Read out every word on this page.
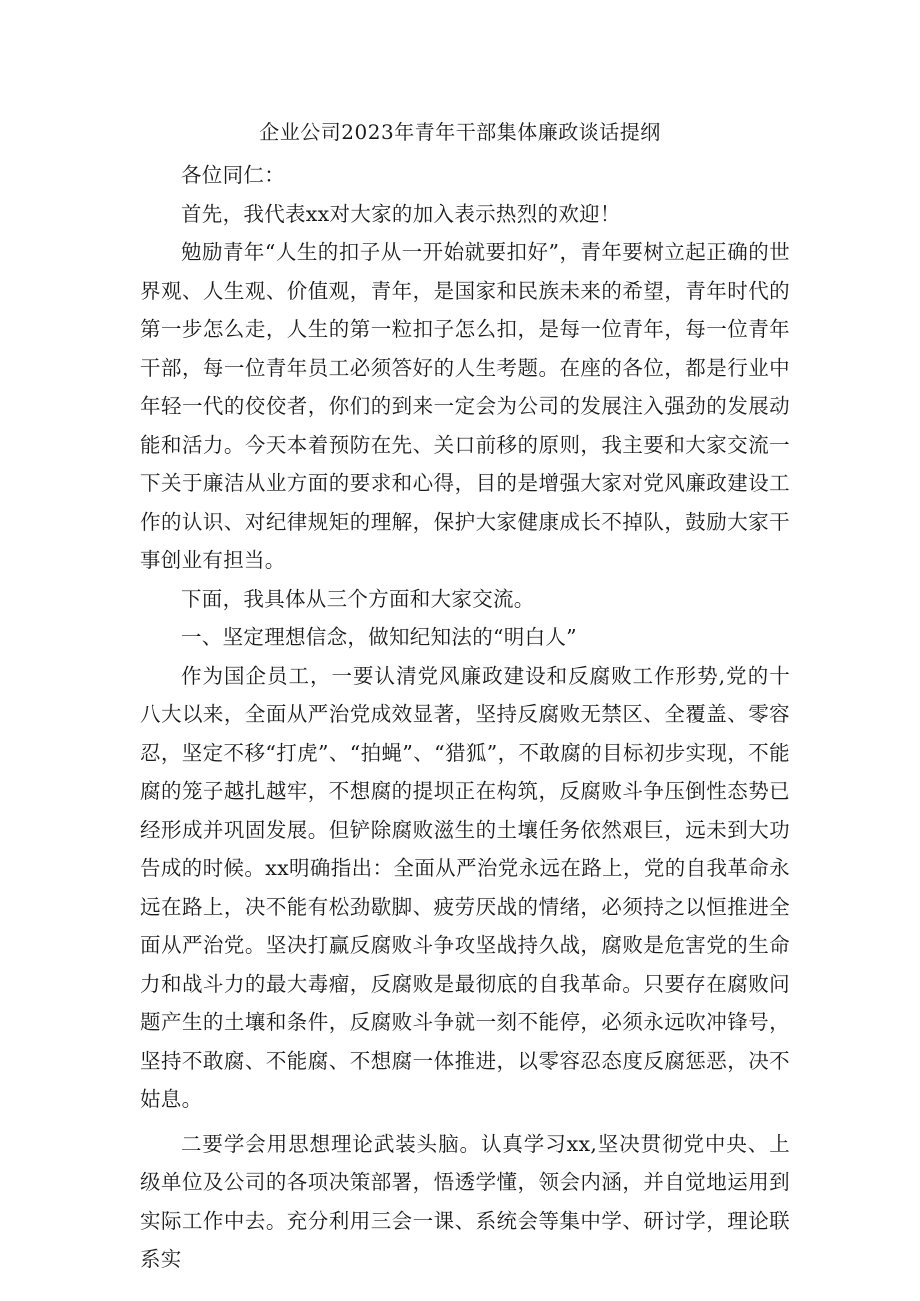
企业公司2023年青年干部集体廉政谈话提纲

各位同仁：

首先，我代表xx对大家的加入表示热烈的欢迎！

勉励青年“人生的扣子从一开始就要扣好”，青年要树立起正确的世界观、人生观、价值观，青年，是国家和民族未来的希望，青年时代的第一步怎么走，人生的第一粒扣子怎么扣，是每一位青年，每一位青年干部，每一位青年员工必须答好的人生考题。在座的各位，都是行业中年轻一代的佼佼者，你们的到来一定会为公司的发展注入强劲的发展动能和活力。今天本着预防在先、关口前移的原则，我主要和大家交流一下关于廉洁从业方面的要求和心得，目的是增强大家对党风廉政建设工作的认识、对纪律规矩的理解，保护大家健康成长不掉队，鼓励大家干事创业有担当。

下面，我具体从三个方面和大家交流。

一、坚定理想信念，做知纪知法的“明白人”

作为国企员工，一要认清党风廉政建设和反腐败工作形势,党的十八大以来，全面从严治党成效显著，坚持反腐败无禁区、全覆盖、零容忍，坚定不移“打虎”、“拍蝇”、“猎狐”，不敢腐的目标初步实现，不能腐的笼子越扎越牢，不想腐的提坝正在构筑，反腐败斗争压倒性态势已经形成并巩固发展。但铲除腐败滋生的土壤任务依然艰巨，远未到大功告成的时候。xx明确指出：全面从严治党永远在路上，党的自我革命永远在路上，决不能有松劲歇脚、疲劳厌战的情绪，必须持之以恒推进全面从严治党。坚决打赢反腐败斗争攻坚战持久战，腐败是危害党的生命力和战斗力的最大毒瘤，反腐败是最彻底的自我革命。只要存在腐败问题产生的土壤和条件，反腐败斗争就一刻不能停，必须永远吹冲锋号，坚持不敢腐、不能腐、不想腐一体推进，以零容忍态度反腐惩恶，决不姑息。

二要学会用思想理论武装头脑。认真学习xx,坚决贯彻党中央、上级单位及公司的各项决策部署，悟透学懂，领会内涵，并自觉地运用到实际工作中去。充分利用三会一课、系统会等集中学、研讨学，理论联系实
